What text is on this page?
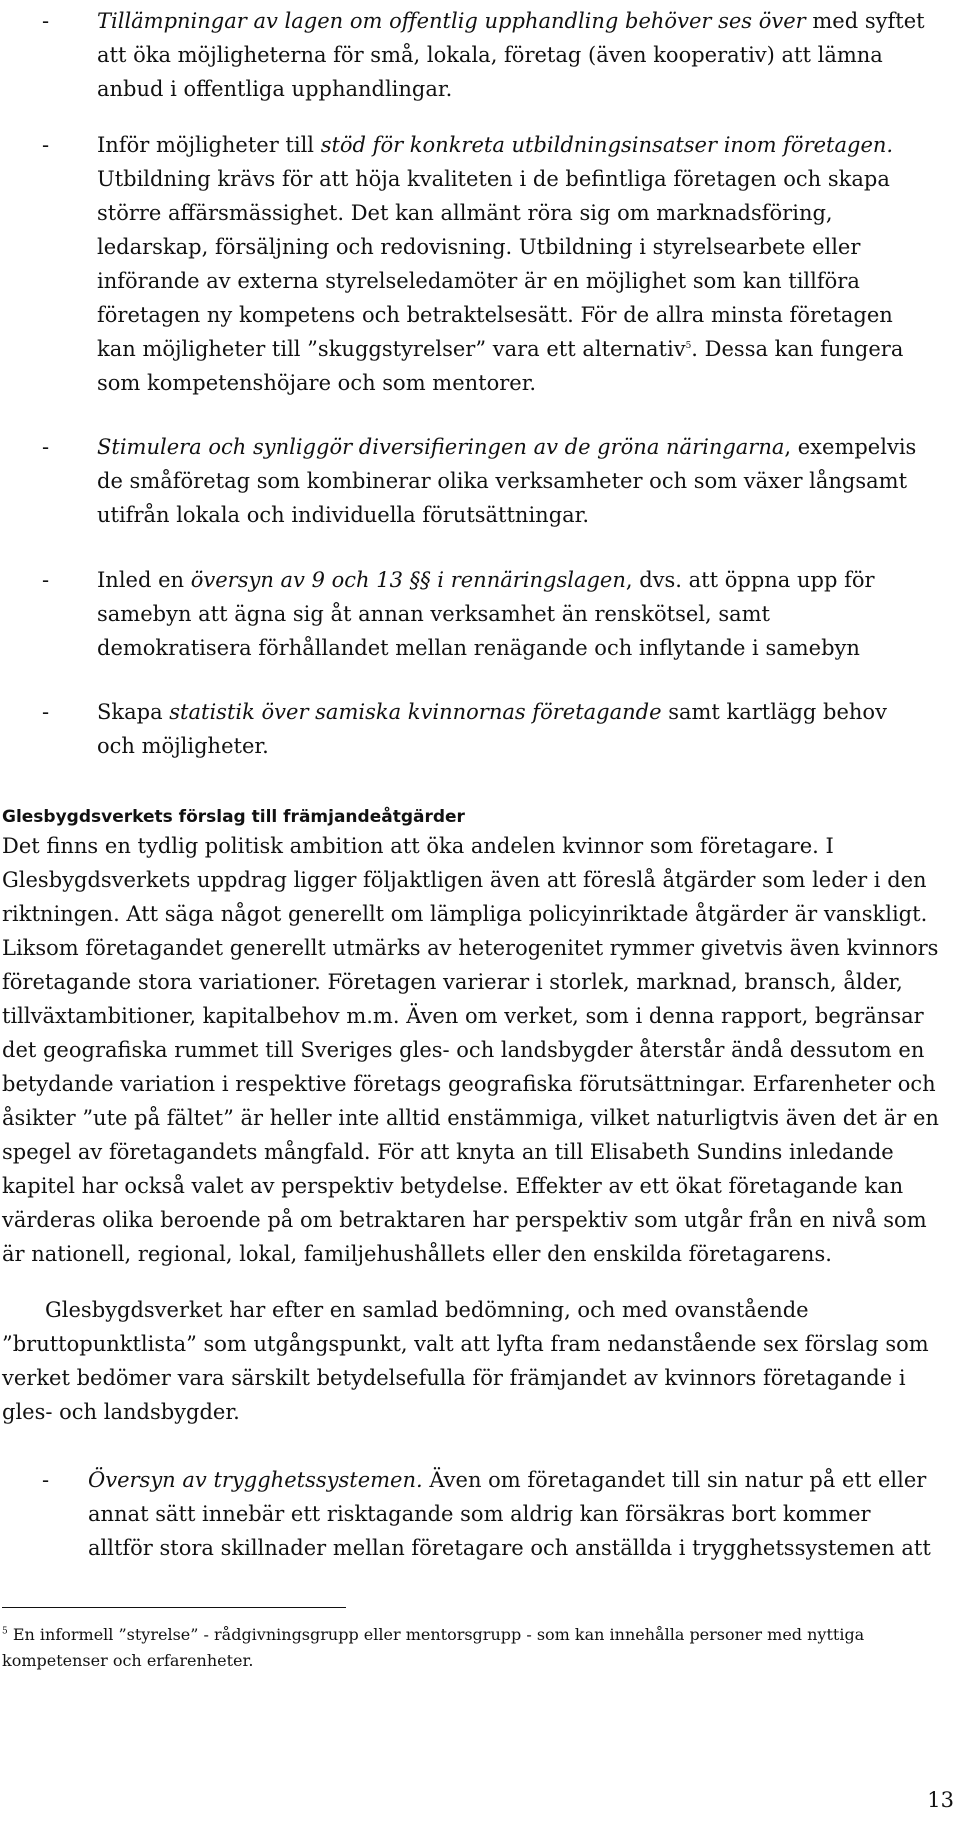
-	Tillämpningar av lagen om offentlig upphandling behöver ses över med syftet att öka möjligheterna för små, lokala, företag (även kooperativ) att lämna anbud i offentliga upphandlingar.
-	Inför möjligheter till stöd för konkreta utbildningsinsatser inom företagen. Utbildning krävs för att höja kvaliteten i de befintliga företagen och skapa större affärsmässighet. Det kan allmänt röra sig om marknadsföring, ledarskap, försäljning och redovisning. Utbildning i styrelsearbete eller införande av externa styrelseledamöter är en möjlighet som kan tillföra företagen ny kompetens och betraktelsesätt. För de allra minsta företagen kan möjligheter till ”skuggstyrelser” vara ett alternativ$^5$. Dessa kan fungera som kompetenshöjare och som mentorer.
-	Stimulera och synliggör diversifieringen av de gröna näringarna, exempelvis de småföretag som kombinerar olika verksamheter och som växer långsamt utifrån lokala och individuella förutsättningar.
-	Inled en översyn av 9 och 13 §§ i rennäringslagen, dvs. att öppna upp för samebyn att ägna sig åt annan verksamhet än renskötsel, samt demokratisera förhållandet mellan renägande och inflytande i samebyn
-	Skapa statistik över samiska kvinnornas företagande samt kartlägg behov och möjligheter.
Glesbygdsverkets förslag till främjandeåtgärder
Det finns en tydlig politisk ambition att öka andelen kvinnor som företagare. I Glesbygdsverkets uppdrag ligger följaktligen även att föreslå åtgärder som leder i den riktningen. Att säga något generellt om lämpliga policyinriktade åtgärder är vanskligt. Liksom företagandet generellt utmärks av heterogenitet rymmer givetvis även kvinnors företagande stora variationer. Företagen varierar i storlek, marknad, bransch, ålder, tillväxtambitioner, kapitalbehov m.m. Även om verket, som i denna rapport, begränsar det geografiska rummet till Sveriges gles- och landsbygder återstår ändå dessutom en betydande variation i respektive företags geografiska förutsättningar. Erfarenheter och åsikter ”ute på fältet” är heller inte alltid enstämmiga, vilket naturligtvis även det är en spegel av företagandets mångfald. För att knyta an till Elisabeth Sundins inledande kapitel har också valet av perspektiv betydelse. Effekter av ett ökat företagande kan värderas olika beroende på om betraktaren har perspektiv som utgår från en nivå som är nationell, regional, lokal, familjehushållets eller den enskilda företagarens.
Glesbygdsverket har efter en samlad bedömning, och med ovanstående ”bruttopunktlista” som utgångspunkt, valt att lyfta fram nedanstående sex förslag som verket bedömer vara särskilt betydelsefulla för främjandet av kvinnors företagande i gles- och landsbygder.
-	Översyn av trygghetssystemen. Även om företagandet till sin natur på ett eller annat sätt innebär ett risktagande som aldrig kan försäkras bort kommer alltför stora skillnader mellan företagare och anställda i trygghetssystemen att
$^5$ En informell ”styrelse” - rådgivningsgrupp eller mentorsgrupp - som kan innehålla personer med nyttiga kompetenser och erfarenheter.
13
